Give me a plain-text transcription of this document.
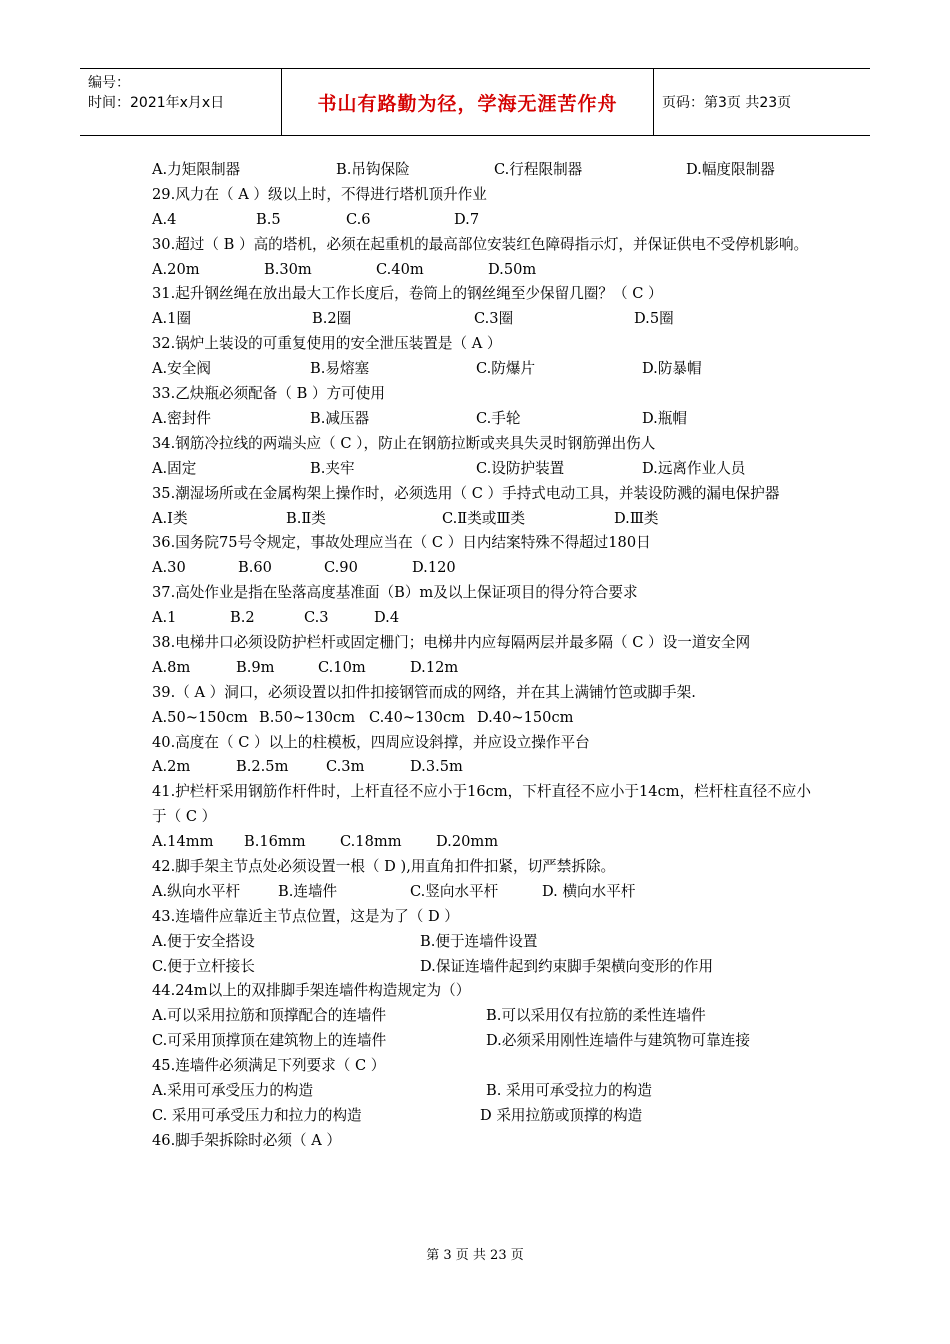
编号：
时间：2021年x月x日	书山有路勤为径，学海无涯苦作舟	页码：第3页 共23页
A.力矩限制器	B.吊钩保险	C.行程限制器	D.幅度限制器
29.风力在（ A ）级以上时，不得进行塔机顶升作业
A.4	B.5	C.6	D.7
30.超过（ B ）高的塔机，必须在起重机的最高部位安装红色障碍指示灯，并保证供电不受停机影响。
A.20m	B.30m	C.40m	D.50m
31.起升钢丝绳在放出最大工作长度后，卷筒上的钢丝绳至少保留几圈？（ C ）
A.1圈	B.2圈	C.3圈	D.5圈
32.锅炉上装设的可重复使用的安全泄压装置是（ A ）
A.安全阀	B.易熔塞	C.防爆片	D.防暴帽
33.乙炔瓶必须配备（ B ）方可使用
A.密封件	B.减压器	C.手轮	D.瓶帽
34.钢筋冷拉线的两端头应（ C ），防止在钢筋拉断或夹具失灵时钢筋弹出伤人
A.固定	B.夹牢	C.设防护装置	D.远离作业人员
35.潮湿场所或在金属构架上操作时，必须选用（ C ）手持式电动工具，并装设防溅的漏电保护器
A.I类	B.Ⅱ类	C.Ⅱ类或Ⅲ类	D.Ⅲ类
36.国务院75号令规定，事故处理应当在（ C ）日内结案特殊不得超过180日
A.30	B.60	C.90	D.120
37.高处作业是指在坠落高度基准面（B）m及以上保证项目的得分符合要求
A.1	B.2	C.3	D.4
38.电梯井口必须设防护栏杆或固定栅门；电梯井内应每隔两层并最多隔（ C ）设一道安全网
A.8m	B.9m	C.10m	D.12m
39.（ A ）洞口，必须设置以扣件扣接钢管而成的网络，并在其上满铺竹笆或脚手架.
A.50~150cm B.50~130cm C.40~130cm D.40~150cm
40.高度在（ C ）以上的柱模板，四周应设斜撑，并应设立操作平台
A.2m	B.2.5m	C.3m	D.3.5m
41.护栏杆采用钢筋作杆件时，上杆直径不应小于16cm，下杆直径不应小于14cm，栏杆柱直径不应小于（ C ）
A.14mm B.16mm C.18mm D.20mm
42.脚手架主节点处必须设置一根（ D ),用直角扣件扣紧，切严禁拆除。
A.纵向水平杆	B.连墙件	C.竖向水平杆	D. 横向水平杆
43.连墙件应靠近主节点位置，这是为了（ D ）
A.便于安全搭设	B.便于连墙件设置
C.便于立杆接长	D.保证连墙件起到约束脚手架横向变形的作用
44.24m以上的双排脚手架连墙件构造规定为（）
A.可以采用拉筋和顶撑配合的连墙件	B.可以采用仅有拉筋的柔性连墙件
C.可采用顶撑顶在建筑物上的连墙件	D.必须采用刚性连墙件与建筑物可靠连接
45.连墙件必须满足下列要求（ C ）
A.采用可承受压力的构造	B. 采用可承受拉力的构造
C. 采用可承受压力和拉力的构造	D 采用拉筋或顶撑的构造
46.脚手架拆除时必须（ A ）
第 3 页 共 23 页
